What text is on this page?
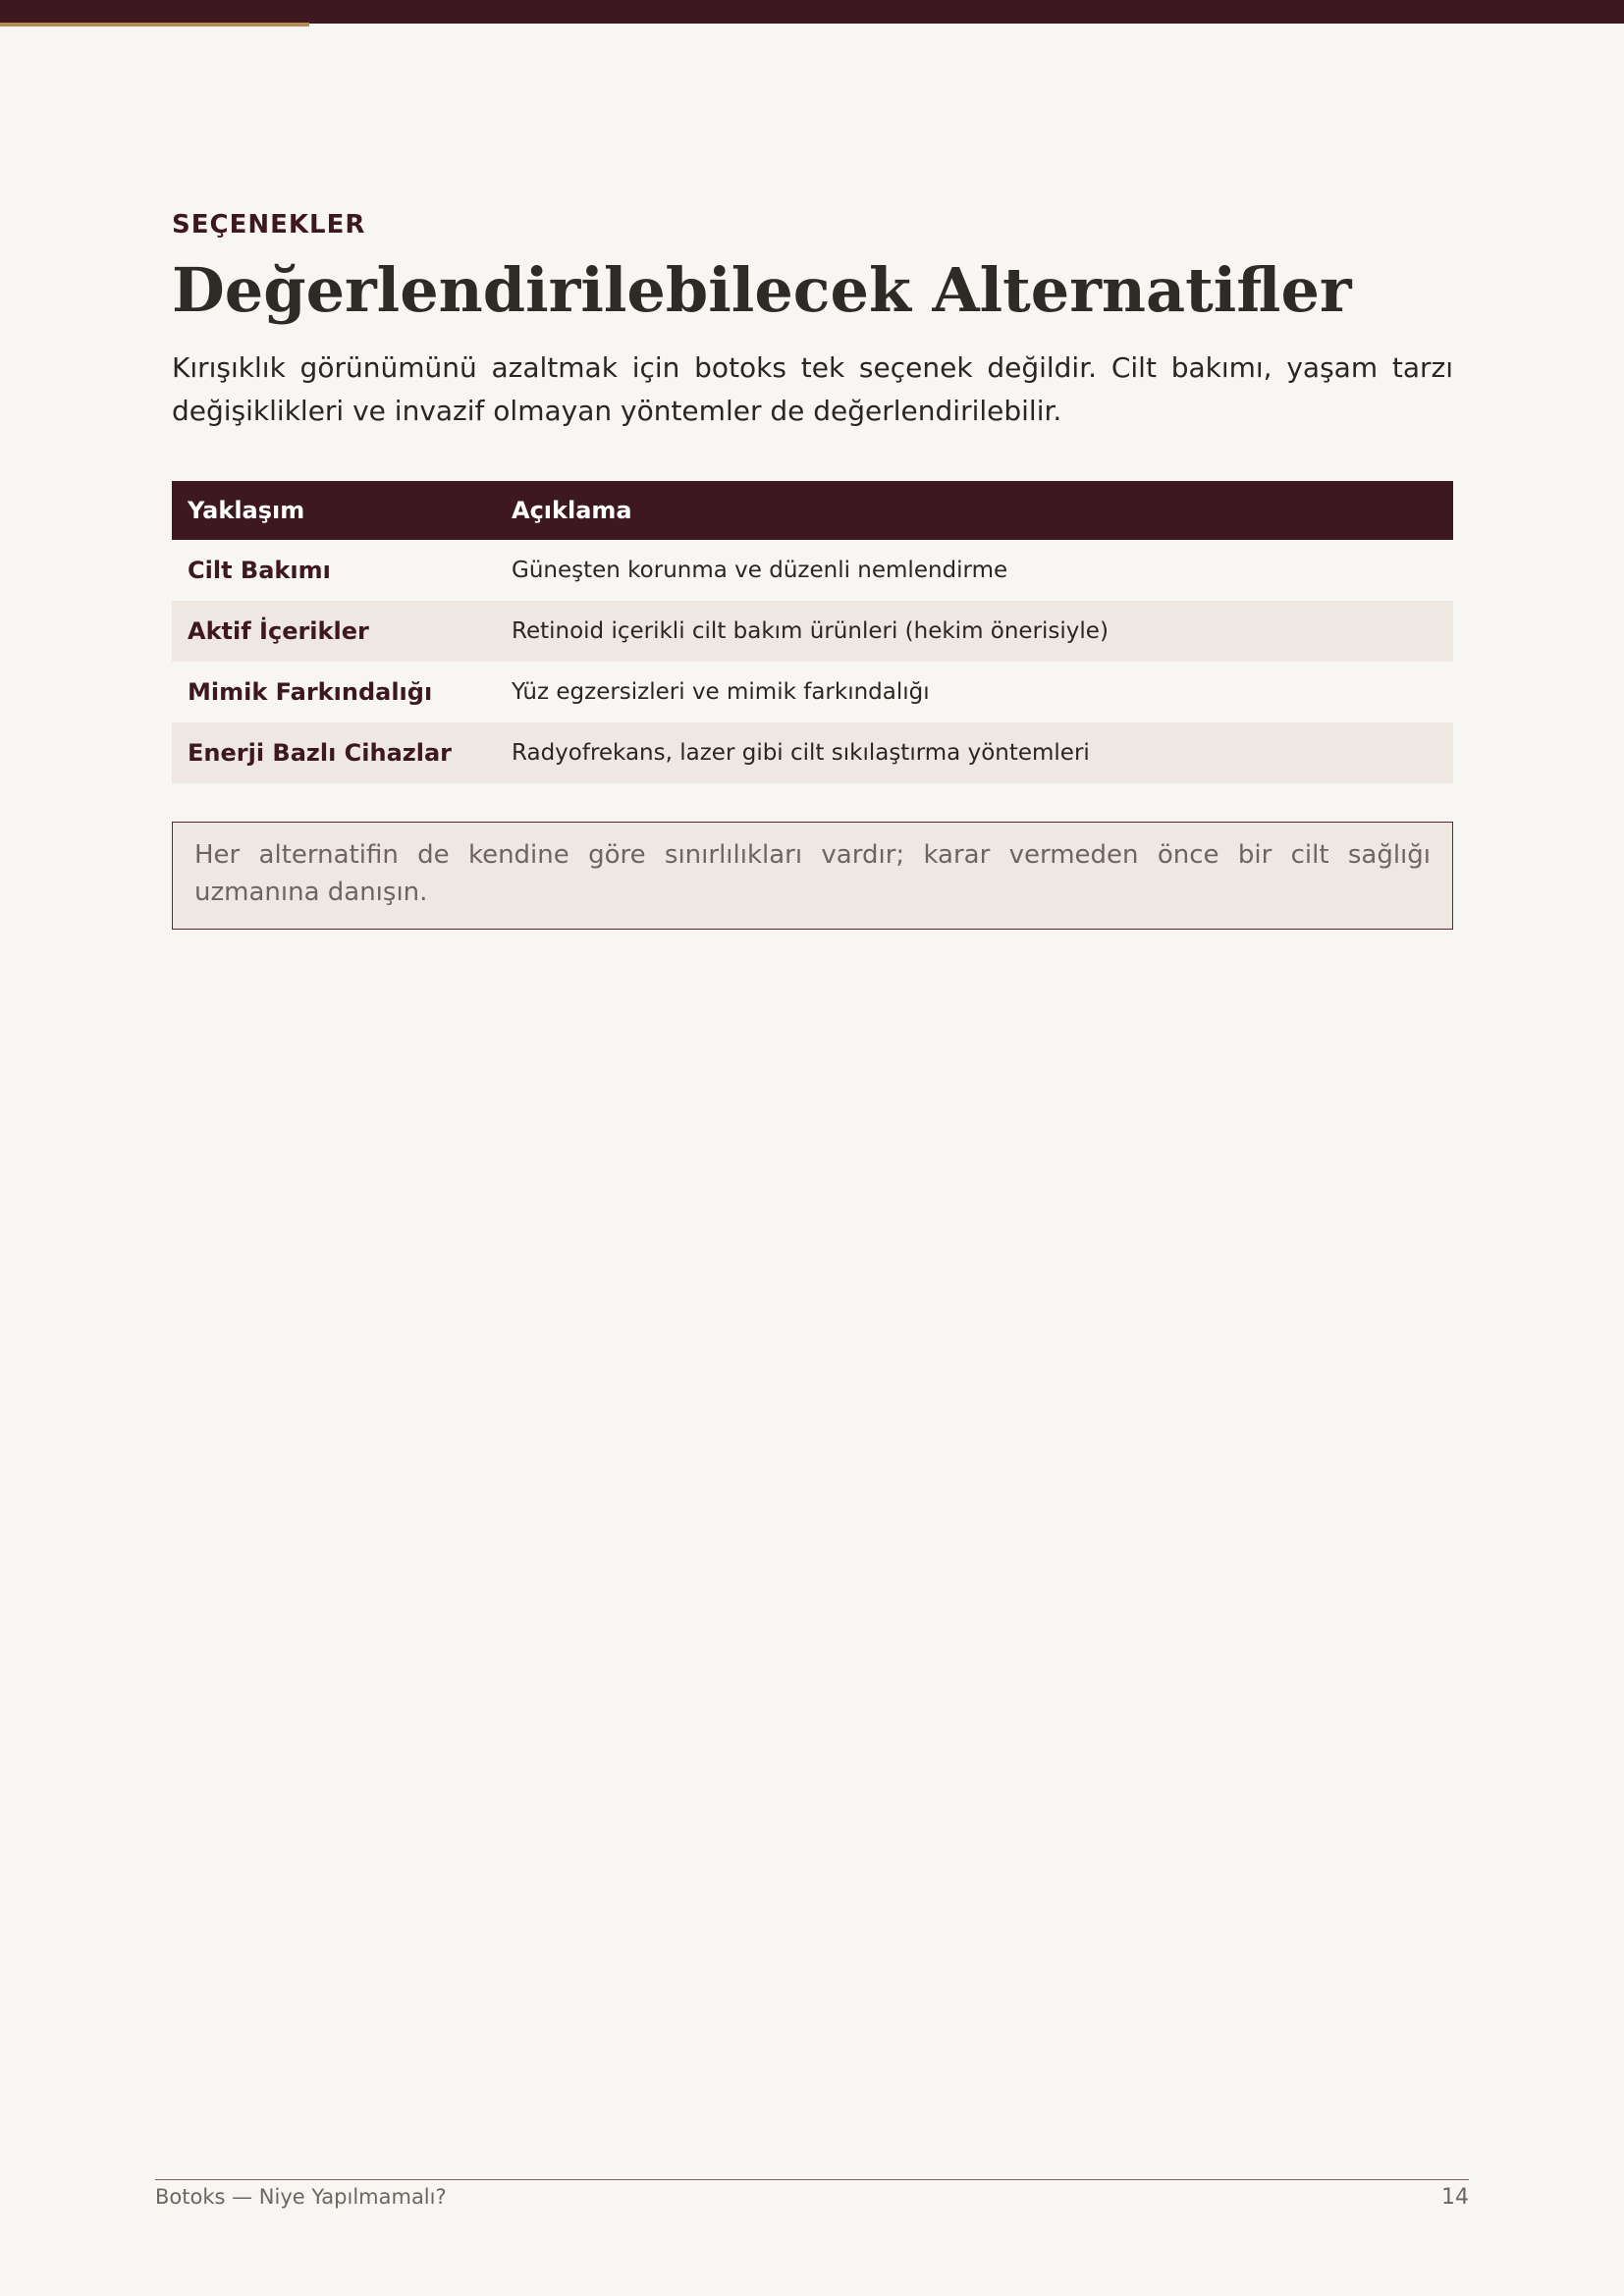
SEÇENEKLER
Değerlendirilebilecek Alternatifler

Kırışıklık görünümünü azaltmak için botoks tek seçenek değildir. Cilt bakımı, yaşam tarzı değişiklikleri ve invazif olmayan yöntemler de değerlendirilebilir.

Yaklaşım	Açıklama
Cilt Bakımı	Güneşten korunma ve düzenli nemlendirme
Aktif İçerikler	Retinoid içerikli cilt bakım ürünleri (hekim önerisiyle)
Mimik Farkındalığı	Yüz egzersizleri ve mimik farkındalığı
Enerji Bazlı Cihazlar	Radyofrekans, lazer gibi cilt sıkılaştırma yöntemleri
Her alternatifin de kendine göre sınırlılıkları vardır; karar vermeden önce bir cilt sağlığı uzmanına danışın.
Botoks — Niye Yapılmamalı?	14
